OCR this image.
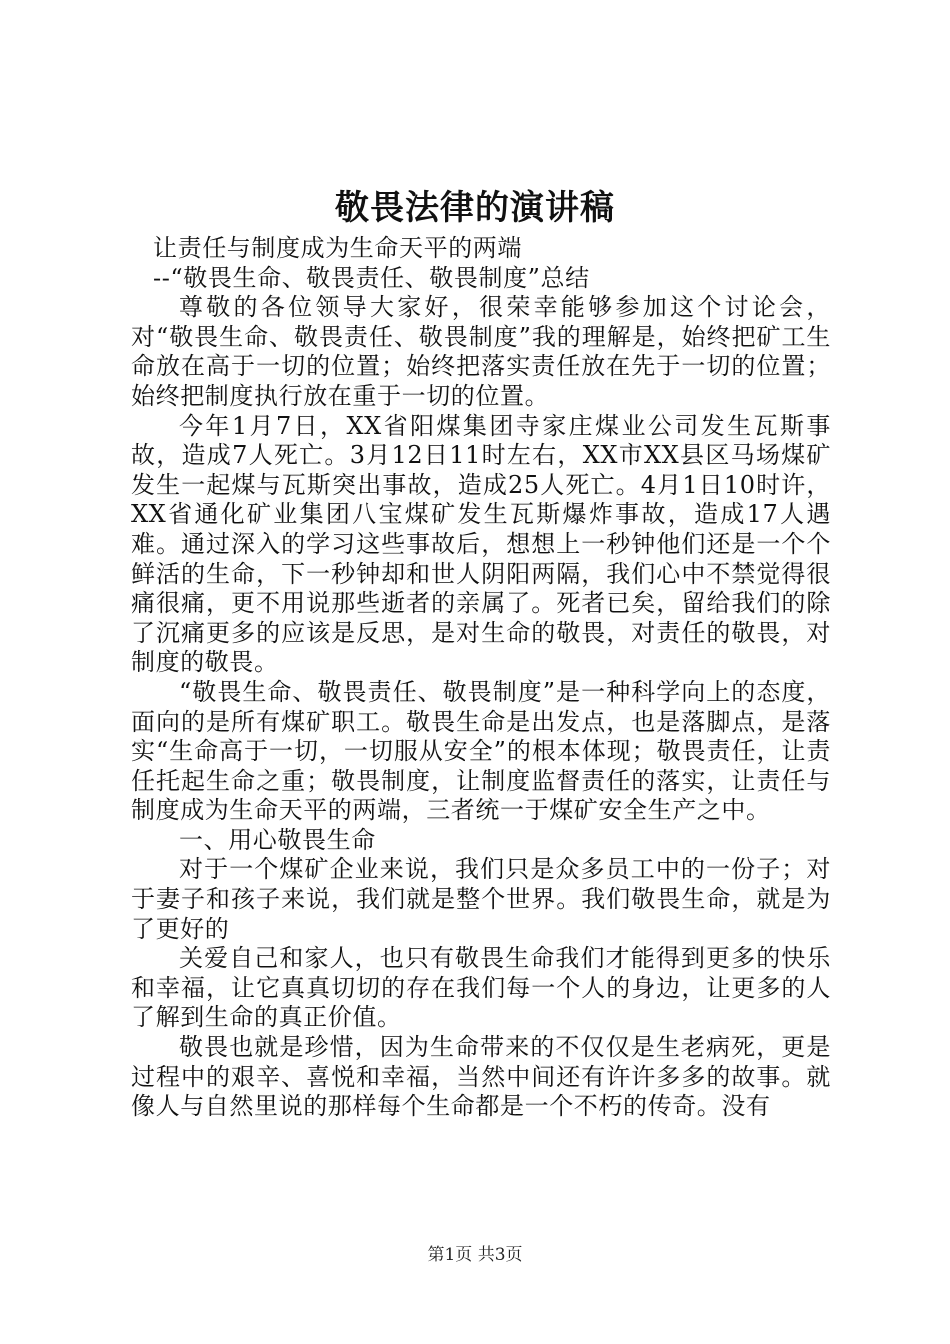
敬畏法律的演讲稿

让责任与制度成为生命天平的两端

--“敬畏生命、敬畏责任、敬畏制度”总结

尊敬的各位领导大家好，很荣幸能够参加这个讨论会，对“敬畏生命、敬畏责任、敬畏制度”我的理解是，始终把矿工生命放在高于一切的位置；始终把落实责任放在先于一切的位置；始终把制度执行放在重于一切的位置。

今年1月7日，XX省阳煤集团寺家庄煤业公司发生瓦斯事故，造成7人死亡。3月12日11时左右，XX市XX县区马场煤矿发生一起煤与瓦斯突出事故，造成25人死亡。4月1日10时许，XX省通化矿业集团八宝煤矿发生瓦斯爆炸事故，造成17人遇难。通过深入的学习这些事故后，想想上一秒钟他们还是一个个鲜活的生命，下一秒钟却和世人阴阳两隔，我们心中不禁觉得很痛很痛，更不用说那些逝者的亲属了。死者已矣，留给我们的除了沉痛更多的应该是反思，是对生命的敬畏，对责任的敬畏，对制度的敬畏。

“敬畏生命、敬畏责任、敬畏制度”是一种科学向上的态度，面向的是所有煤矿职工。敬畏生命是出发点，也是落脚点，是落实“生命高于一切，一切服从安全”的根本体现；敬畏责任，让责任托起生命之重；敬畏制度，让制度监督责任的落实，让责任与制度成为生命天平的两端，三者统一于煤矿安全生产之中。

一、用心敬畏生命

对于一个煤矿企业来说，我们只是众多员工中的一份子；对于妻子和孩子来说，我们就是整个世界。我们敬畏生命，就是为了更好的

关爱自己和家人，也只有敬畏生命我们才能得到更多的快乐和幸福，让它真真切切的存在我们每一个人的身边，让更多的人了解到生命的真正价值。

敬畏也就是珍惜，因为生命带来的不仅仅是生老病死，更是过程中的艰辛、喜悦和幸福，当然中间还有许许多多的故事。就像人与自然里说的那样每个生命都是一个不朽的传奇。没有

第1页 共3页
